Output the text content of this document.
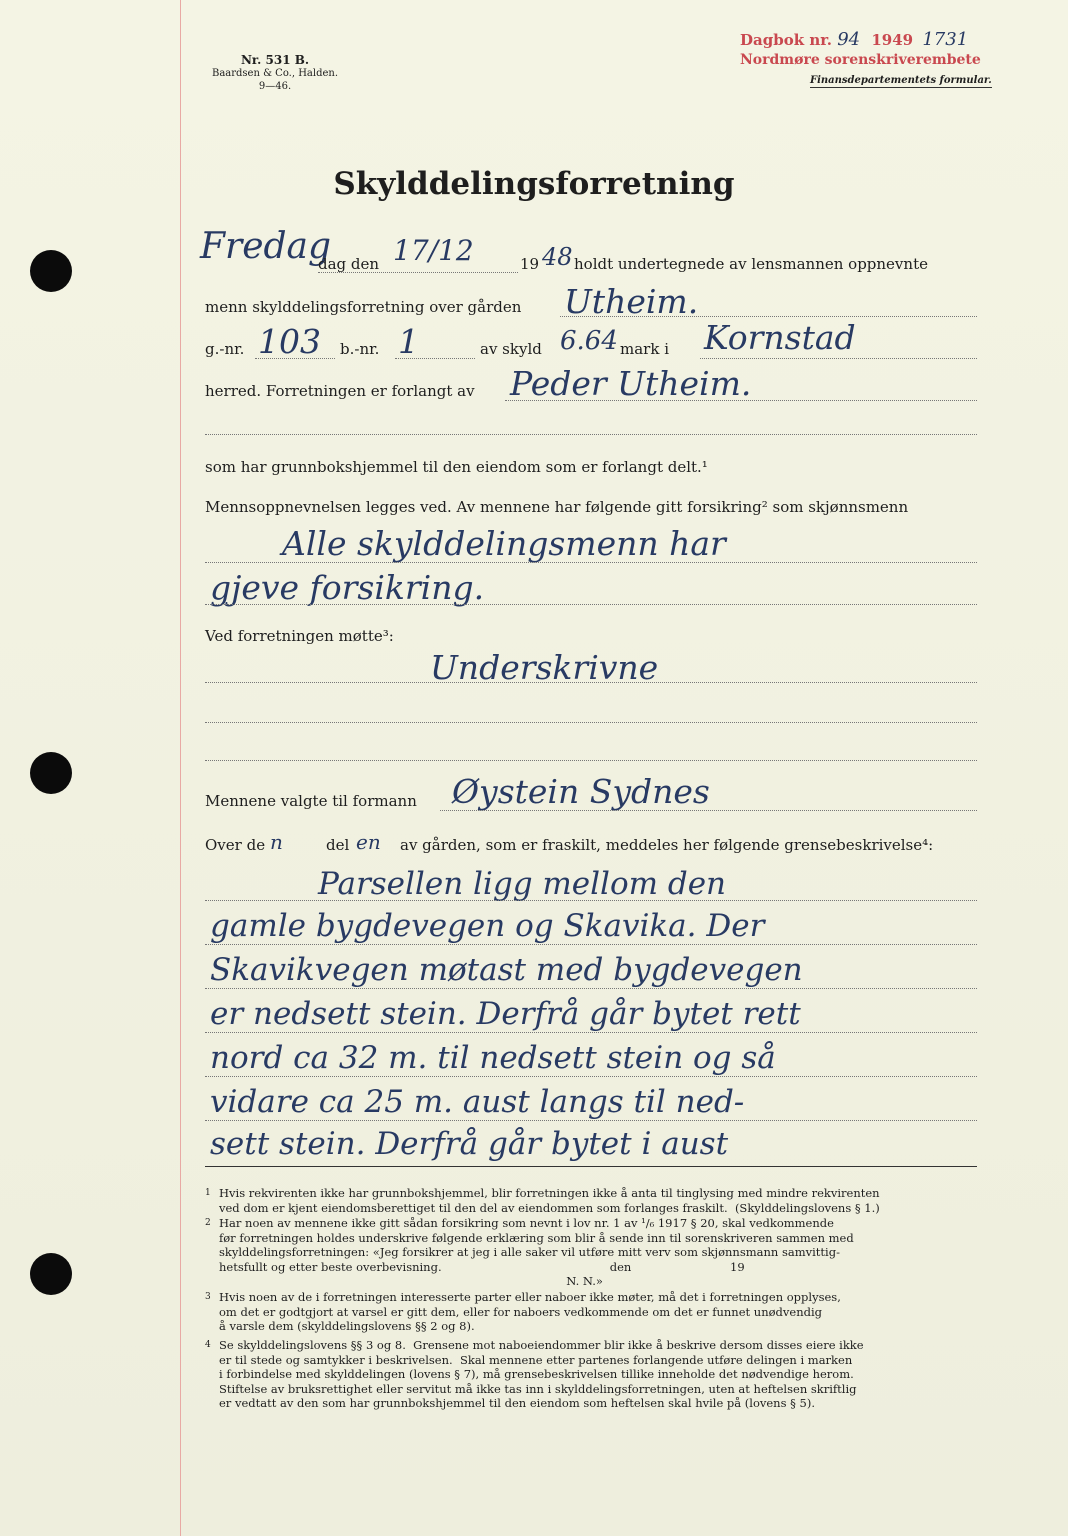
Nr. 531 B.
Baardsen & Co., Halden.
9—46.
Dagbok nr. 94 1949 1731
Nordmøre sorenskriverembete
Finansdepartementets formular.
Skylddelingsforretning
Fredag
dag den 17/12	19 48 holdt undertegnede av lensmannen oppnevnte
menn skylddelingsforretning over gården Utheim.
g.-nr. 103 b.-nr. 1	av skyld 6.64 mark i Kornstad
herred. Forretningen er forlangt av Peder Utheim.
som har grunnbokshjemmel til den eiendom som er forlangt delt.¹
Mennsoppnevnelsen legges ved. Av mennene har følgende gitt forsikring² som skjønnsmenn
Alle skylddelingsmenn har
gjeve forsikring.
Ved forretningen møtte³:
Underskrivne
Mennene valgte til formann Øystein Sydnes
Over de n	del en av gården, som er fraskilt, meddeles her følgende grensebeskrivelse⁴:
Parsellen ligg mellom den
gamle bygdevegen og Skavika. Der
Skavikvegen møtast med bygdevegen
er nedsett stein. Derfrå går bytet rett
nord ca 32 m. til nedsett stein og så
vidare ca 25 m. aust langs til ned-
sett stein. Derfrå går bytet i aust
1 Hvis rekvirenten ikke har grunnbokshjemmel, blir forretningen ikke å anta til tinglysing med mindre rekvirenten
ved dom er kjent eiendomsberettiget til den del av eiendommen som forlanges fraskilt.  (Skylddelingslovens § 1.)
2 Har noen av mennene ikke gitt sådan forsikring som nevnt i lov nr. 1 av ¹/₆ 1917 § 20, skal vedkommende
før forretningen holdes underskrive følgende erklæring som blir å sende inn til sorenskriveren sammen med
skylddelingsforretningen: «Jeg forsikrer at jeg i alle saker vil utføre mitt verv som skjønnsmann samvittig-
hetsfullt og etter beste overbevisning.                                              den                           19
N. N.»
3 Hvis noen av de i forretningen interesserte parter eller naboer ikke møter, må det i forretningen opplyses,
om det er godtgjort at varsel er gitt dem, eller for naboers vedkommende om det er funnet unødvendig
å varsle dem (skylddelingslovens §§ 2 og 8).
4 Se skylddelingslovens §§ 3 og 8.  Grensene mot naboeiendommer blir ikke å beskrive dersom disses eiere ikke
er til stede og samtykker i beskrivelsen.  Skal mennene etter partenes forlangende utføre delingen i marken
i forbindelse med skylddelingen (lovens § 7), må grensebeskrivelsen tillike inneholde det nødvendige herom.
Stiftelse av bruksrettighet eller servitut må ikke tas inn i skylddelingsforretningen, uten at heftelsen skriftlig
er vedtatt av den som har grunnbokshjemmel til den eiendom som heftelsen skal hvile på (lovens § 5).
